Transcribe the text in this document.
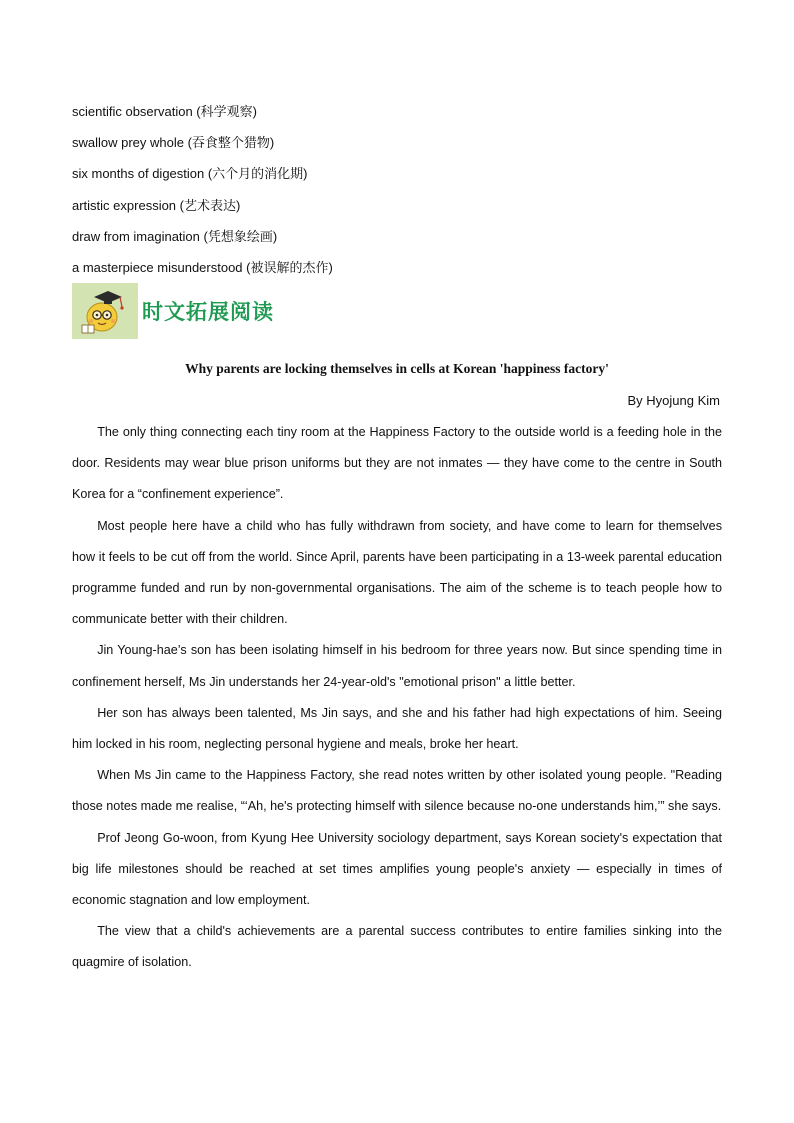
scientific observation (科学观察)
swallow prey whole (吞食整个猎物)
six months of digestion (六个月的消化期)
artistic expression (艺术表达)
draw from imagination (凭想象绘画)
a masterpiece misunderstood (被误解的杰作)
时文拓展阅读
Why parents are locking themselves in cells at Korean 'happiness factory'
By Hyojung Kim

The only thing connecting each tiny room at the Happiness Factory to the outside world is a feeding hole in the door. Residents may wear blue prison uniforms but they are not inmates — they have come to the centre in South Korea for a “confinement experience”.

Most people here have a child who has fully withdrawn from society, and have come to learn for themselves how it feels to be cut off from the world. Since April, parents have been participating in a 13-week parental education programme funded and run by non-governmental organisations. The aim of the scheme is to teach people how to communicate better with their children.

Jin Young-hae’s son has been isolating himself in his bedroom for three years now. But since spending time in confinement herself, Ms Jin understands her 24-year-old's "emotional prison" a little better.

Her son has always been talented, Ms Jin says, and she and his father had high expectations of him. Seeing him locked in his room, neglecting personal hygiene and meals, broke her heart.

When Ms Jin came to the Happiness Factory, she read notes written by other isolated young people. "Reading those notes made me realise, “‘Ah, he's protecting himself with silence because no-one understands him,’” she says.

Prof Jeong Go-woon, from Kyung Hee University sociology department, says Korean society's expectation that big life milestones should be reached at set times amplifies young people's anxiety — especially in times of economic stagnation and low employment.

The view that a child's achievements are a parental success contributes to entire families sinking into the quagmire of isolation.
